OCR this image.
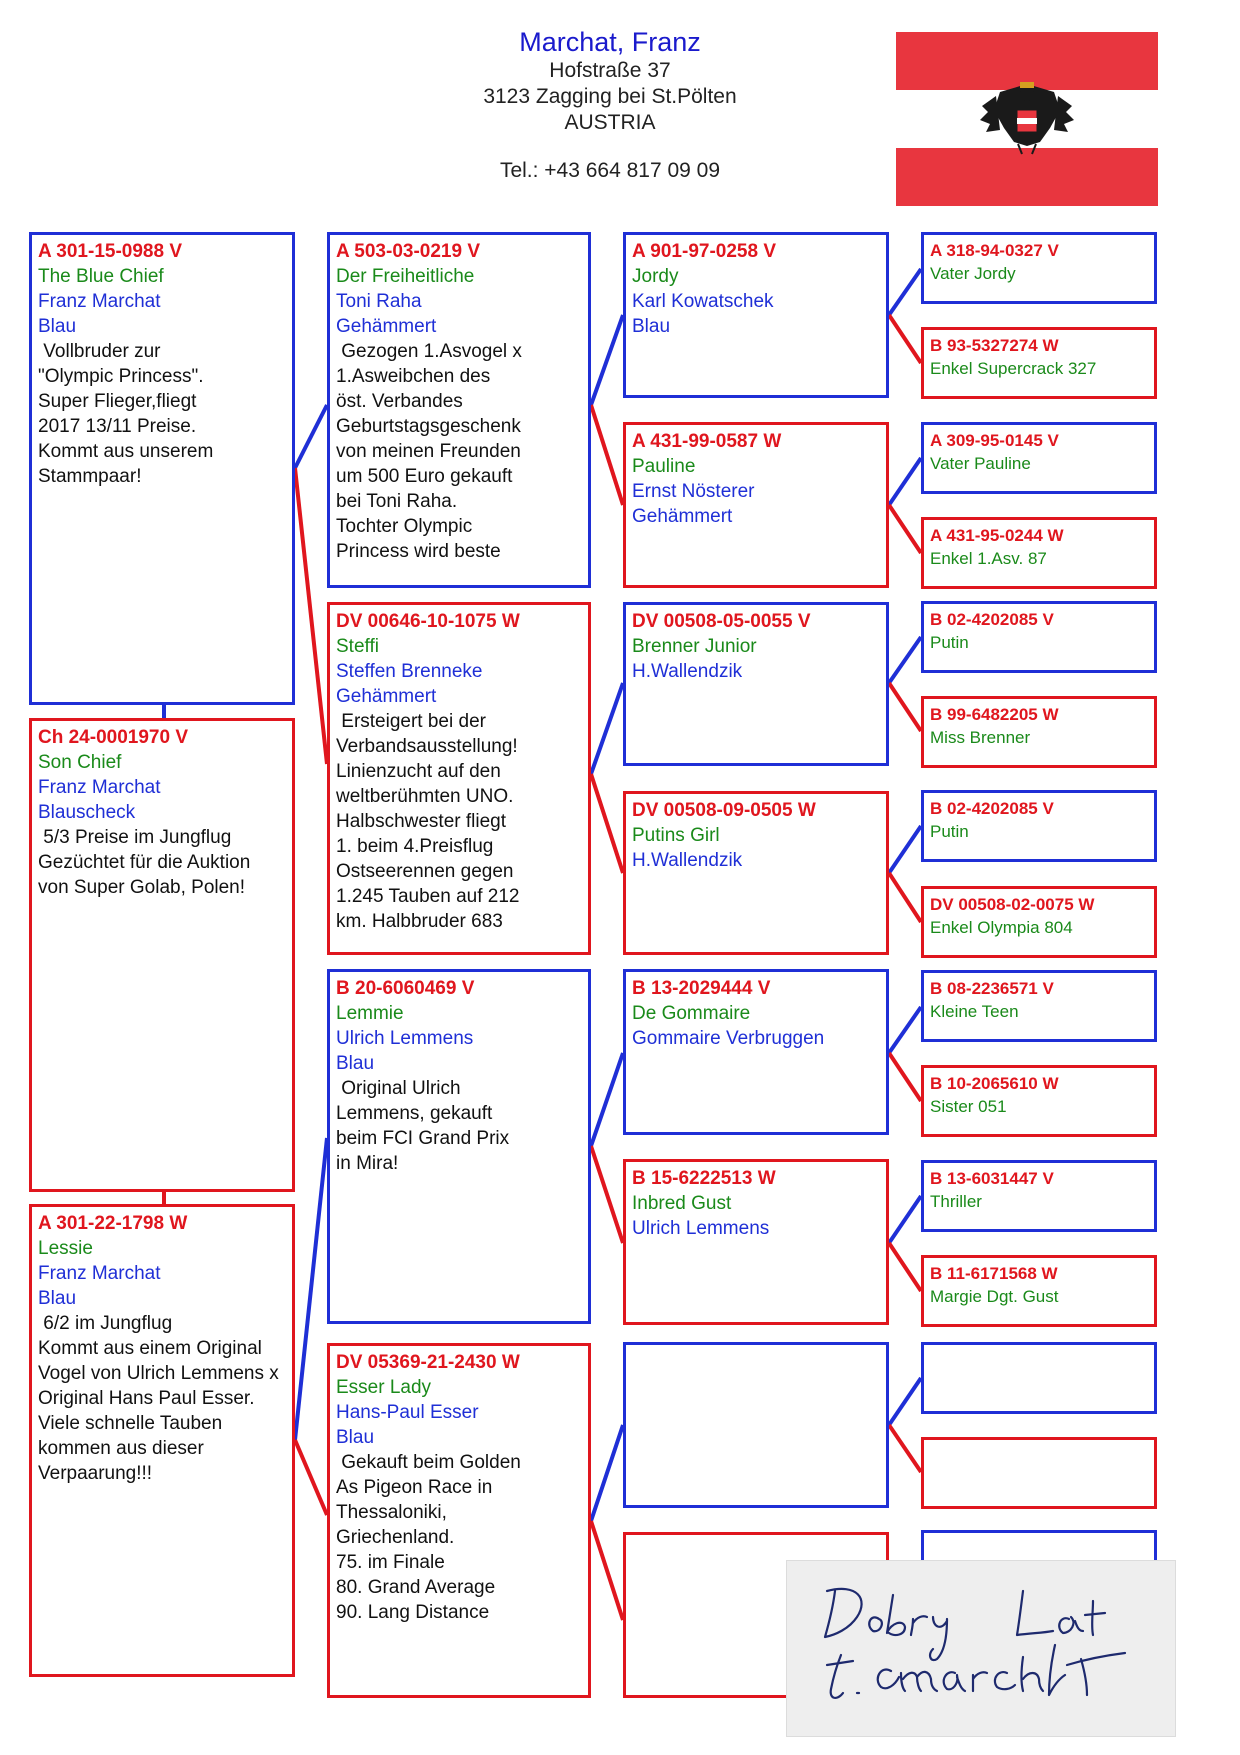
Marchat, Franz
Hofstraße 37
3123 Zagging bei St.Pölten
AUSTRIA
Tel.: +43 664 817 09 09
A 301-15-0988 V
The Blue Chief
Franz Marchat
Blau
Vollbruder zur
"Olympic Princess".
Super Flieger,fliegt
2017 13/11 Preise.
Kommt aus unserem
Stammpaar!
Ch 24-0001970 V
Son Chief
Franz Marchat
Blauscheck
5/3 Preise im Jungflug
Gezüchtet für die Auktion
von Super Golab, Polen!
A 301-22-1798 W
Lessie
Franz Marchat
Blau
6/2 im Jungflug
Kommt aus einem Original
Vogel von Ulrich Lemmens x
Original Hans Paul Esser.
Viele schnelle Tauben
kommen aus dieser
Verpaarung!!!
A 503-03-0219 V
Der Freiheitliche
Toni Raha
Gehämmert
Gezogen 1.Asvogel x
1.Asweibchen des
öst. Verbandes
Geburtstagsgeschenk
von meinen Freunden
um 500 Euro gekauft
bei Toni Raha.
Tochter Olympic
Princess wird beste
DV 00646-10-1075 W
Steffi
Steffen Brenneke
Gehämmert
Ersteigert bei der
Verbandsausstellung!
Linienzucht auf den
weltberühmten UNO.
Halbschwester fliegt
1. beim 4.Preisflug
Ostseerennen gegen
1.245 Tauben auf 212
km. Halbbruder 683
B 20-6060469 V
Lemmie
Ulrich Lemmens
Blau
Original Ulrich
Lemmens, gekauft
beim FCI Grand Prix
in Mira!
DV 05369-21-2430 W
Esser Lady
Hans-Paul Esser
Blau
Gekauft beim Golden
As Pigeon Race in
Thessaloniki,
Griechenland.
75. im Finale
80. Grand Average
90. Lang Distance
A 901-97-0258 V
Jordy
Karl Kowatschek
Blau
A 431-99-0587 W
Pauline
Ernst Nösterer
Gehämmert
DV 00508-05-0055 V
Brenner Junior
H.Wallendzik
DV 00508-09-0505 W
Putins Girl
H.Wallendzik
B 13-2029444 V
De Gommaire
Gommaire Verbruggen
B 15-6222513 W
Inbred Gust
Ulrich Lemmens
A 318-94-0327 V
Vater Jordy
B 93-5327274 W
Enkel Supercrack 327
A 309-95-0145 V
Vater Pauline
A 431-95-0244 W
Enkel 1.Asv. 87
B 02-4202085 V
Putin
B 99-6482205 W
Miss Brenner
B 02-4202085 V
Putin
DV 00508-02-0075 W
Enkel Olympia 804
B 08-2236571 V
Kleine Teen
B 10-2065610 W
Sister 051
B 13-6031447 V
Thriller
B 11-6171568 W
Margie Dgt. Gust
